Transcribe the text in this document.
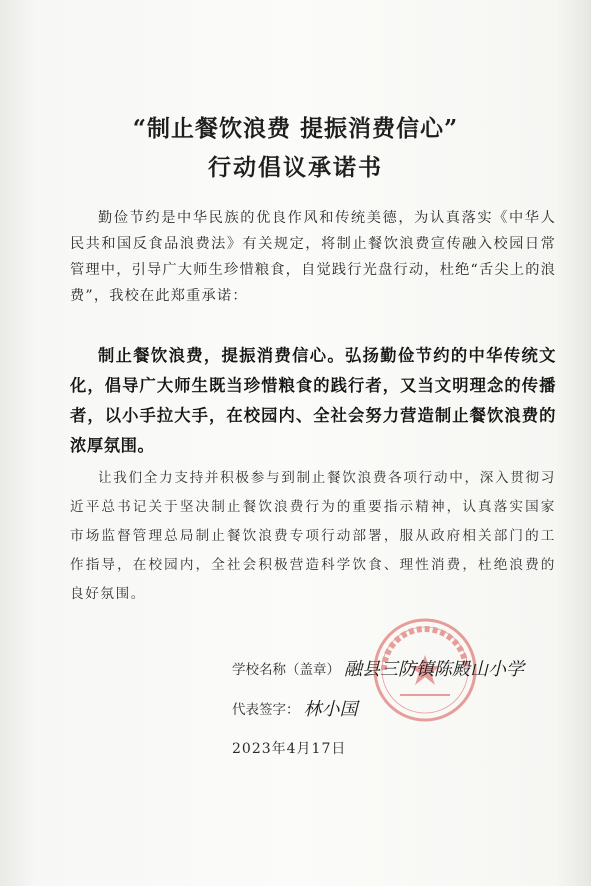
“制止餐饮浪费 提振消费信心”
行动倡议承诺书
勤俭节约是中华民族的优良作风和传统美德，为认真落实《中华人民共和国反食品浪费法》有关规定，将制止餐饮浪费宣传融入校园日常管理中，引导广大师生珍惜粮食，自觉践行光盘行动，杜绝“舌尖上的浪费”，我校在此郑重承诺：
制止餐饮浪费，提振消费信心。弘扬勤俭节约的中华传统文化，倡导广大师生既当珍惜粮食的践行者，又当文明理念的传播者，以小手拉大手，在校园内、全社会努力营造制止餐饮浪费的浓厚氛围。
让我们全力支持并积极参与到制止餐饮浪费各项行动中，深入贯彻习近平总书记关于坚决制止餐饮浪费行为的重要指示精神，认真落实国家市场监督管理总局制止餐饮浪费专项行动部署，服从政府相关部门的工作指导，在校园内，全社会积极营造科学饮食、理性消费，杜绝浪费的良好氛围。
学校名称（盖章） 融县三防镇陈殿山小学
代表签字： 林小国
2023年4月17日
